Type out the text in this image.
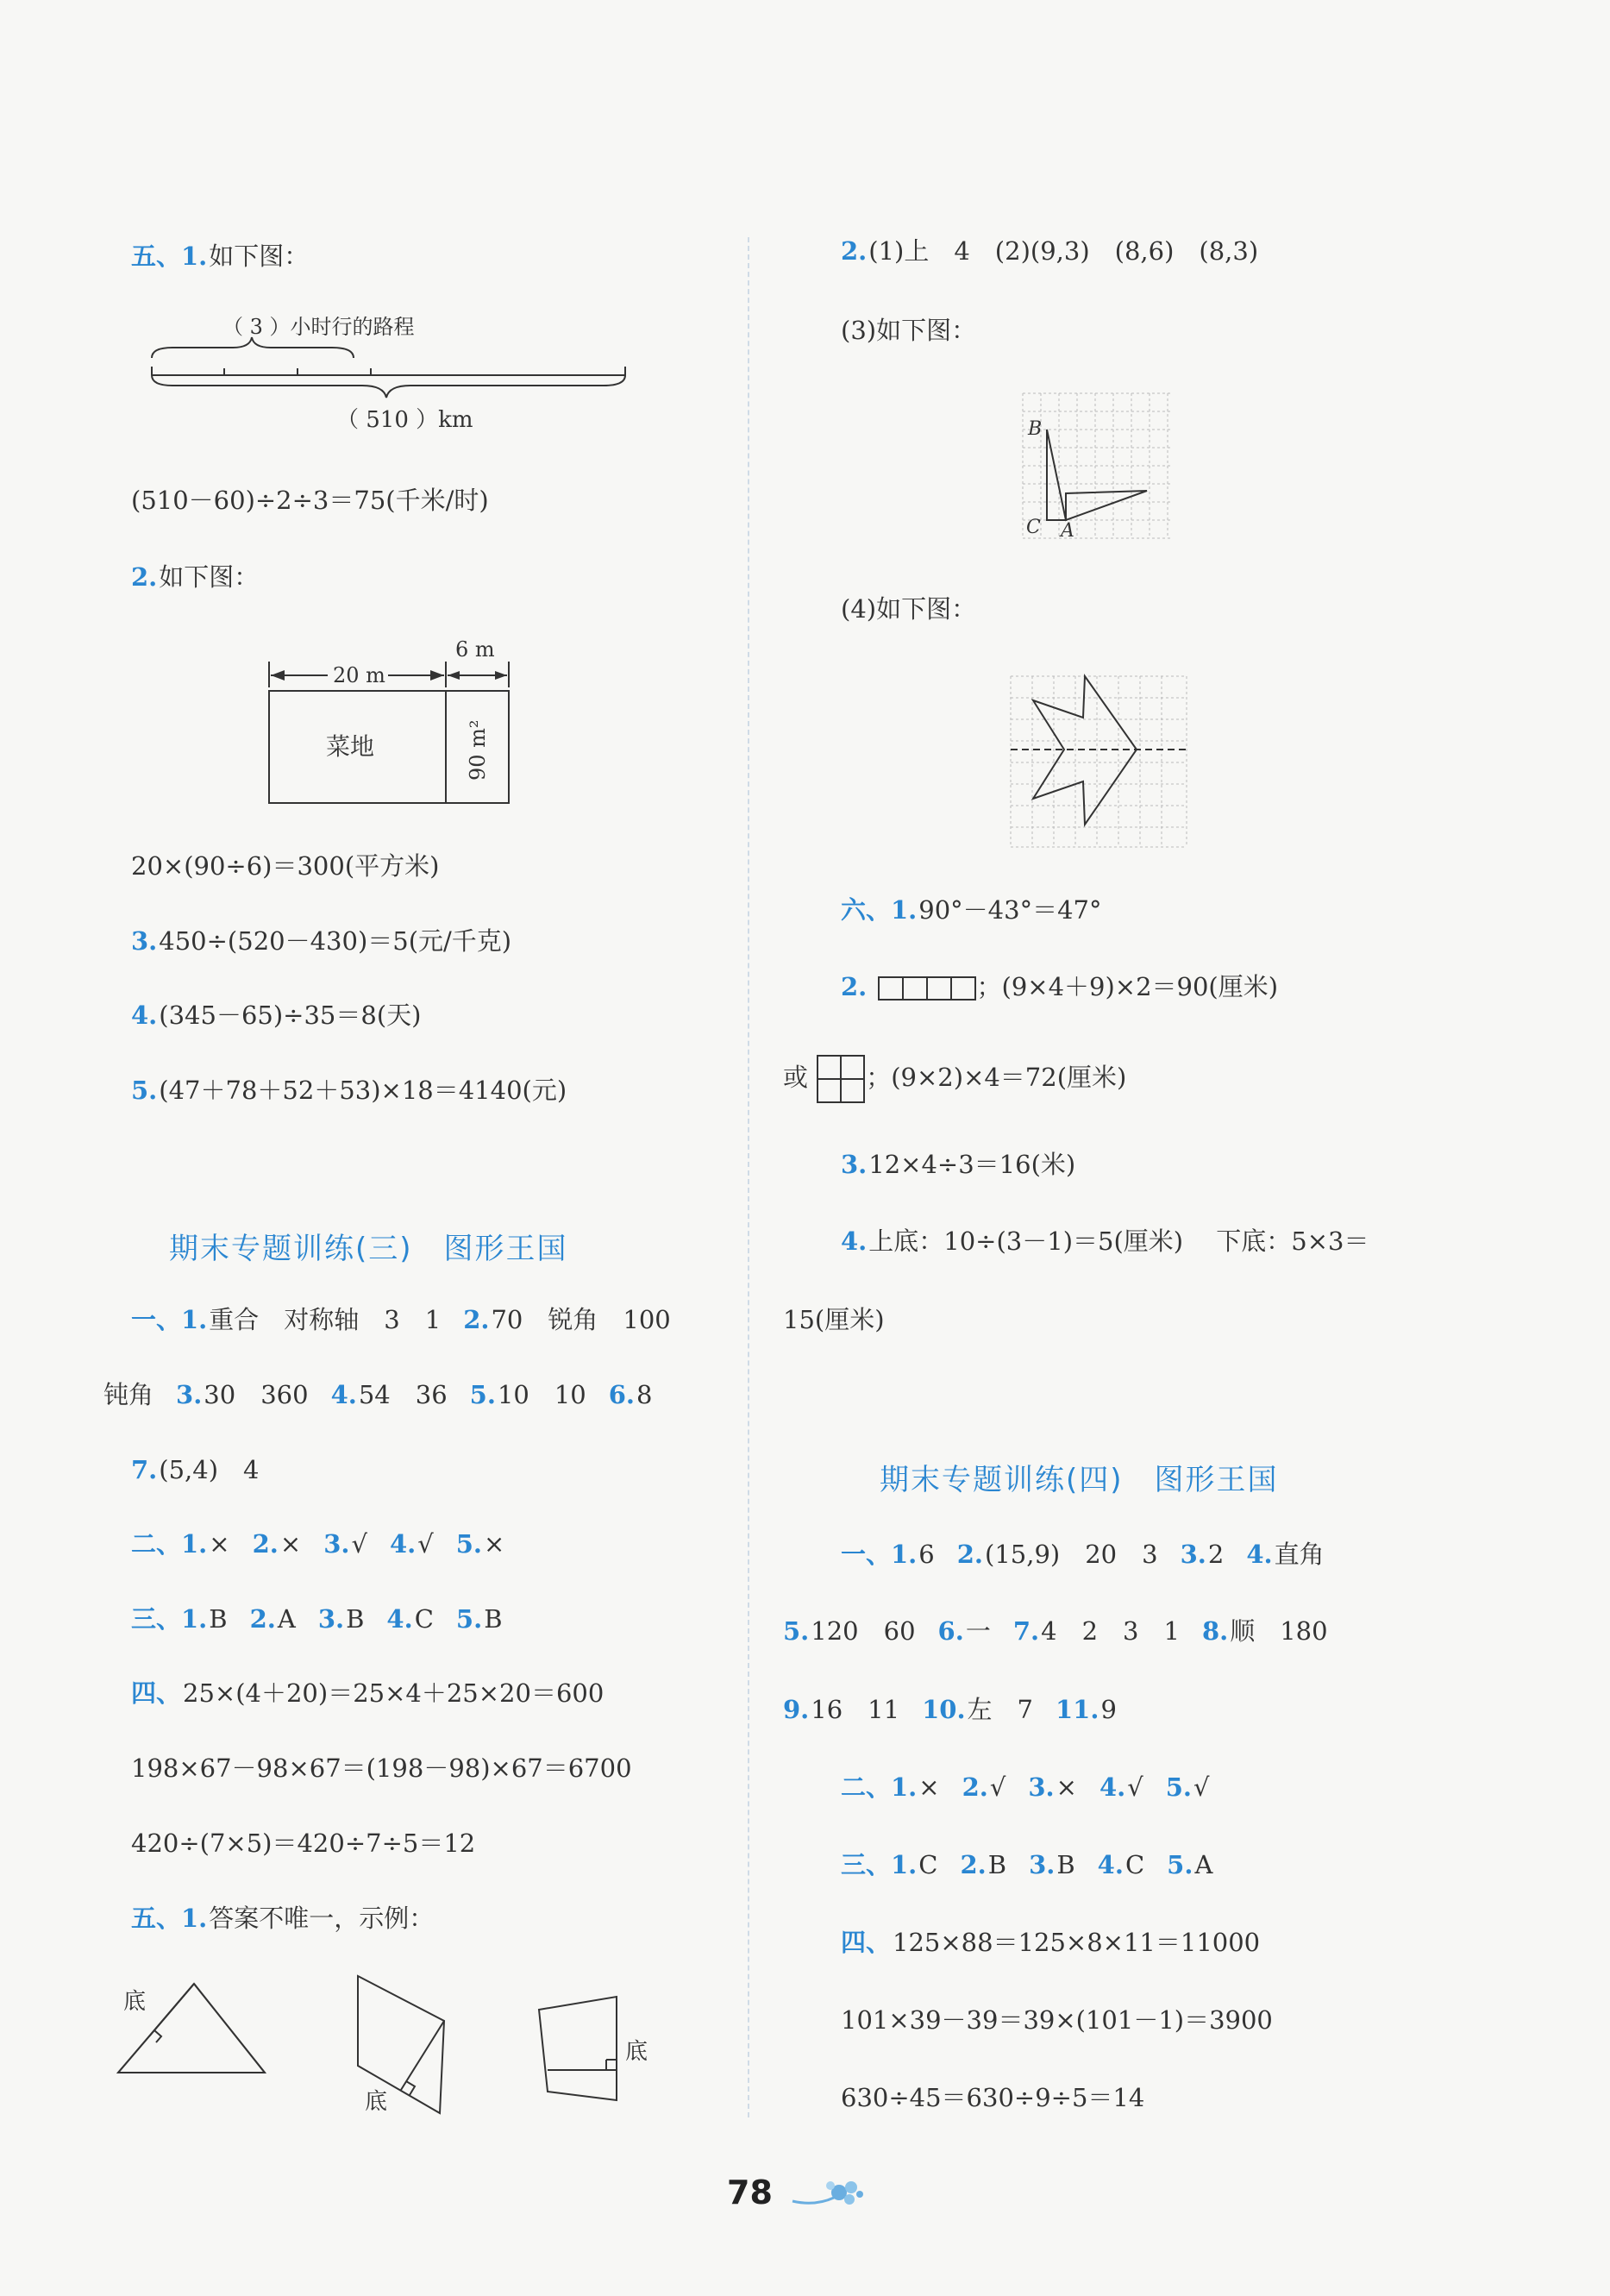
五、1.如下图：
（ 3 ）小时行的路程
（ 510 ）km
(510－60)÷2÷3＝75(千米/时)
2.如下图：
6 m
20 m
菜地	90 m²
20×(90÷6)＝300(平方米)
3.450÷(520－430)＝5(元/千克)
4.(345－65)÷35＝8(天)
5.(47＋78＋52＋53)×18＝4140(元)
期末专题训练(三)　图形王国
一、1.重合　对称轴　3　1 2.70　锐角　100
钝角 3.30　360 4.54　36 5.10　10 6.8
7.(5,4)　4
二、1.× 2.× 3.√ 4.√ 5.×
三、1.B 2.A 3.B 4.C 5.B
四、25×(4＋20)＝25×4＋25×20＝600
198×67－98×67＝(198－98)×67＝6700
420÷(7×5)＝420÷7÷5＝12
五、1.答案不唯一，示例：
底
底
底
2.(1)上　4　(2)(9,3)　(8,6)　(8,3)
(3)如下图：
B
C A
(4)如下图：
六、1.90°－43°＝47°
2.	；(9×4＋9)×2＝90(厘米)
或 ；(9×2)×4＝72(厘米)
3.12×4÷3＝16(米)
4.上底：10÷(3－1)＝5(厘米)　 下底：5×3＝
15(厘米)
期末专题训练(四)　图形王国
一、1.6 2.(15,9)　20　3 3.2 4.直角
5.120　60 6.一 7.4　2　3　1 8.顺　180
9.16　11 10.左　7 11.9
二、1.× 2.√ 3.× 4.√ 5.√
三、1.C 2.B 3.B 4.C 5.A
四、125×88＝125×8×11＝11000
101×39－39＝39×(101－1)＝3900
630÷45＝630÷9÷5＝14
78
